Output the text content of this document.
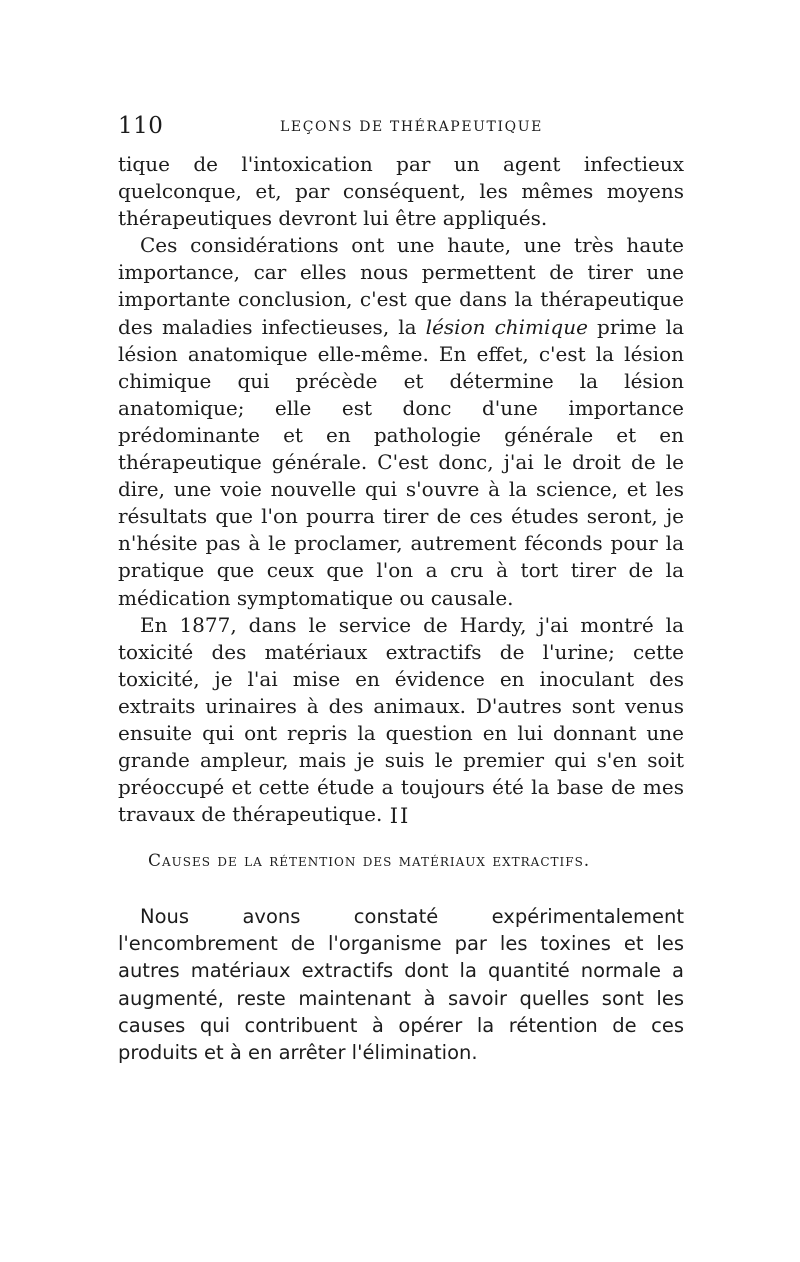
110	LEÇONS DE THÉRAPEUTIQUE

tique de l'intoxication par un agent infectieux quelconque, et, par conséquent, les mêmes moyens thérapeutiques devront lui être appliqués.

Ces considérations ont une haute, une très haute importance, car elles nous permettent de tirer une importante conclusion, c'est que dans la thérapeutique des maladies infectieuses, la lésion chimique prime la lésion anatomique elle-même. En effet, c'est la lésion chimique qui précède et détermine la lésion anatomique; elle est donc d'une importance prédominante et en pathologie générale et en thérapeutique générale. C'est donc, j'ai le droit de le dire, une voie nouvelle qui s'ouvre à la science, et les résultats que l'on pourra tirer de ces études seront, je n'hésite pas à le proclamer, autrement féconds pour la pratique que ceux que l'on a cru à tort tirer de la médication symptomatique ou causale.

En 1877, dans le service de Hardy, j'ai montré la toxicité des matériaux extractifs de l'urine; cette toxicité, je l'ai mise en évidence en inoculant des extraits urinaires à des animaux. D'autres sont venus ensuite qui ont repris la question en lui donnant une grande ampleur, mais je suis le premier qui s'en soit préoccupé et cette étude a toujours été la base de mes travaux de thérapeutique. II
Causes de la rétention des matériaux extractifs.

Nous avons constaté expérimentalement l'encombrement de l'organisme par les toxines et les autres matériaux extractifs dont la quantité normale a augmenté, reste maintenant à savoir quelles sont les causes qui contribuent à opérer la rétention de ces produits et à en arrêter l'élimination.
